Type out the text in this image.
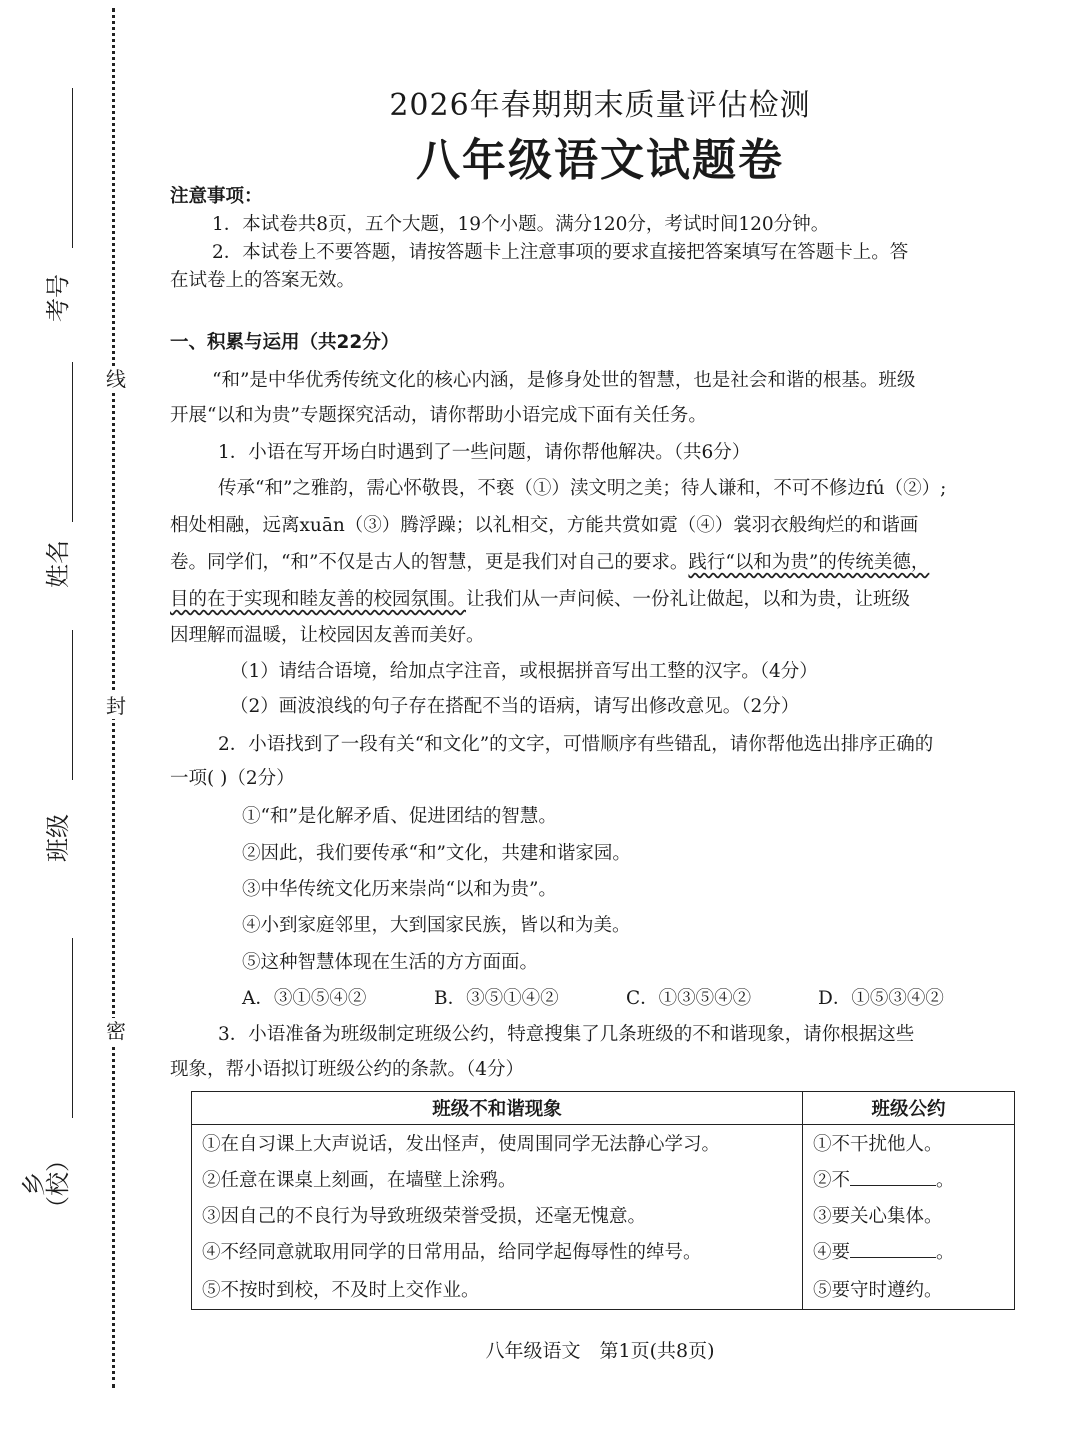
线
封
密
考号
姓名
班级
乡（校）
2026年春期期末质量评估检测
八年级语文试题卷
注意事项：
1．本试卷共8页，五个大题，19个小题。满分120分，考试时间120分钟。
2．本试卷上不要答题，请按答题卡上注意事项的要求直接把答案填写在答题卡上。答
在试卷上的答案无效。
一、积累与运用（共22分）
“和”是中华优秀传统文化的核心内涵，是修身处世的智慧，也是社会和谐的根基。班级
开展“以和为贵”专题探究活动，请你帮助小语完成下面有关任务。
1．小语在写开场白时遇到了一些问题，请你帮他解决。（共6分）
传承“和”之雅韵，需心怀敬畏，不亵（①）渎文明之美；待人谦和，不可不修边fú（②）;
相处相融，远离xuān（③）腾浮躁；以礼相交，方能共赏如霓（④）裳羽衣般绚烂的和谐画
卷。同学们，“和”不仅是古人的智慧，更是我们对自己的要求。践行“以和为贵”的传统美德，
目的在于实现和睦友善的校园氛围。让我们从一声问候、一份礼让做起，以和为贵，让班级
因理解而温暖，让校园因友善而美好。
（1）请结合语境，给加点字注音，或根据拼音写出工整的汉字。（4分）
（2）画波浪线的句子存在搭配不当的语病，请写出修改意见。（2分）
2．小语找到了一段有关“和文化”的文字，可惜顺序有些错乱，请你帮他选出排序正确的
一项( )（2分）
①“和”是化解矛盾、促进团结的智慧。
②因此，我们要传承“和”文化，共建和谐家园。
③中华传统文化历来崇尚“以和为贵”。
④小到家庭邻里，大到国家民族，皆以和为美。
⑤这种智慧体现在生活的方方面面。
A．③①⑤④②	B．③⑤①④②	C．①③⑤④②	D．①⑤③④②
3．小语准备为班级制定班级公约，特意搜集了几条班级的不和谐现象，请你根据这些
现象，帮小语拟订班级公约的条款。（4分）
班级不和谐现象	班级公约
①在自习课上大声说话，发出怪声，使周围同学无法静心学习。	①不干扰他人。
②任意在课桌上刻画，在墙壁上涂鸦。	②不 。
③因自己的不良行为导致班级荣誉受损，还毫无愧意。	③要关心集体。
④不经同意就取用同学的日常用品，给同学起侮辱性的绰号。	④要 。
⑤不按时到校，不及时上交作业。	⑤要守时遵约。
八年级语文　第1页(共8页)
